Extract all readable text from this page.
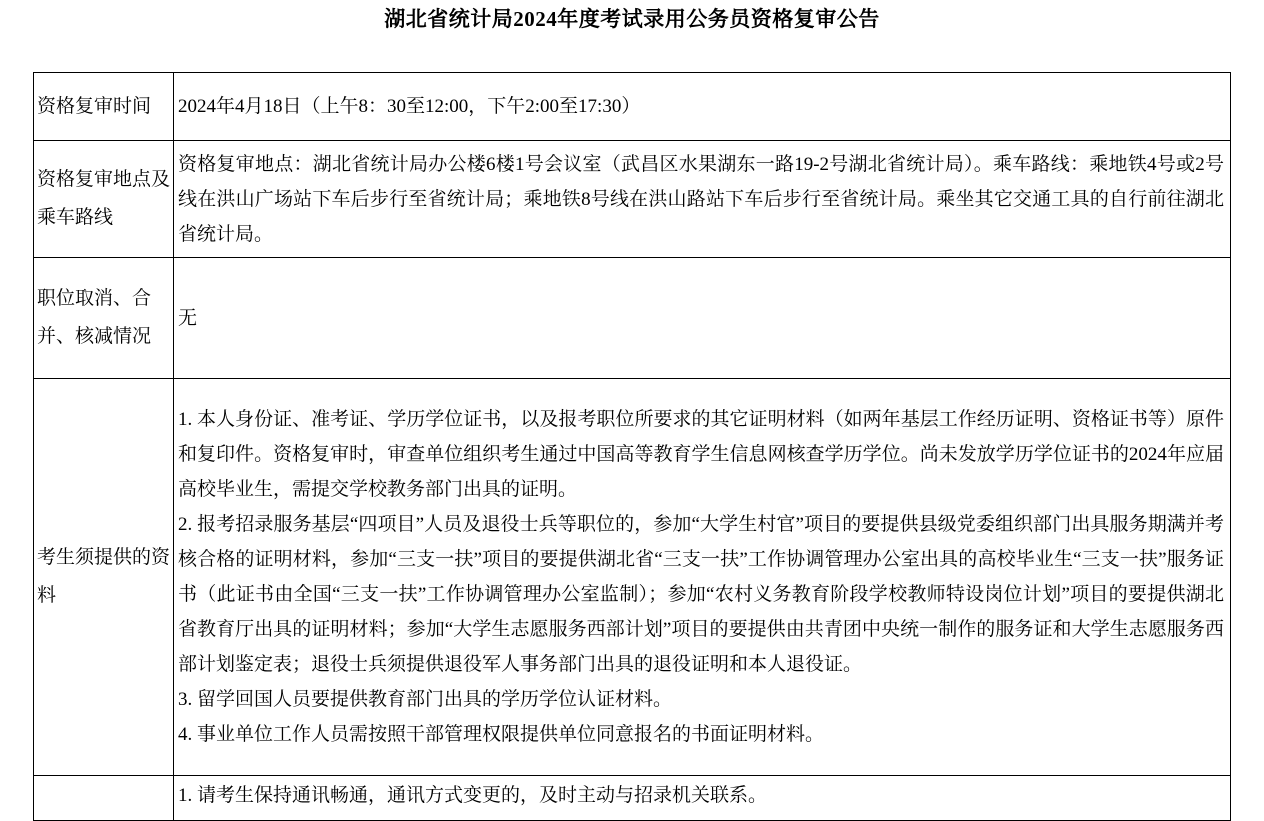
湖北省统计局2024年度考试录用公务员资格复审公告
资格复审时间	2024年4月18日（上午8：30至12:00，下午2:00至17:30）

资格复审地点及乘车路线	资格复审地点：湖北省统计局办公楼6楼1号会议室（武昌区水果湖东一路19-2号湖北省统计局）。乘车路线：乘地铁4号或2号线在洪山广场站下车后步行至省统计局；乘地铁8号线在洪山路站下车后步行至省统计局。乘坐其它交通工具的自行前往湖北省统计局。

职位取消、合并、核减情况	无

考生须提供的资料	1. 本人身份证、准考证、学历学位证书，以及报考职位所要求的其它证明材料（如两年基层工作经历证明、资格证书等）原件和复印件。资格复审时，审查单位组织考生通过中国高等教育学生信息网核查学历学位。尚未发放学历学位证书的2024年应届高校毕业生，需提交学校教务部门出具的证明。

2. 报考招录服务基层“四项目”人员及退役士兵等职位的，参加“大学生村官”项目的要提供县级党委组织部门出具服务期满并考核合格的证明材料，参加“三支一扶”项目的要提供湖北省“三支一扶”工作协调管理办公室出具的高校毕业生“三支一扶”服务证书（此证书由全国“三支一扶”工作协调管理办公室监制）；参加“农村义务教育阶段学校教师特设岗位计划”项目的要提供湖北省教育厅出具的证明材料；参加“大学生志愿服务西部计划”项目的要提供由共青团中央统一制作的服务证和大学生志愿服务西部计划鉴定表；退役士兵须提供退役军人事务部门出具的退役证明和本人退役证。

3. 留学回国人员要提供教育部门出具的学历学位认证材料。

4. 事业单位工作人员需按照干部管理权限提供单位同意报名的书面证明材料。

	1. 请考生保持通讯畅通，通讯方式变更的，及时主动与招录机关联系。
